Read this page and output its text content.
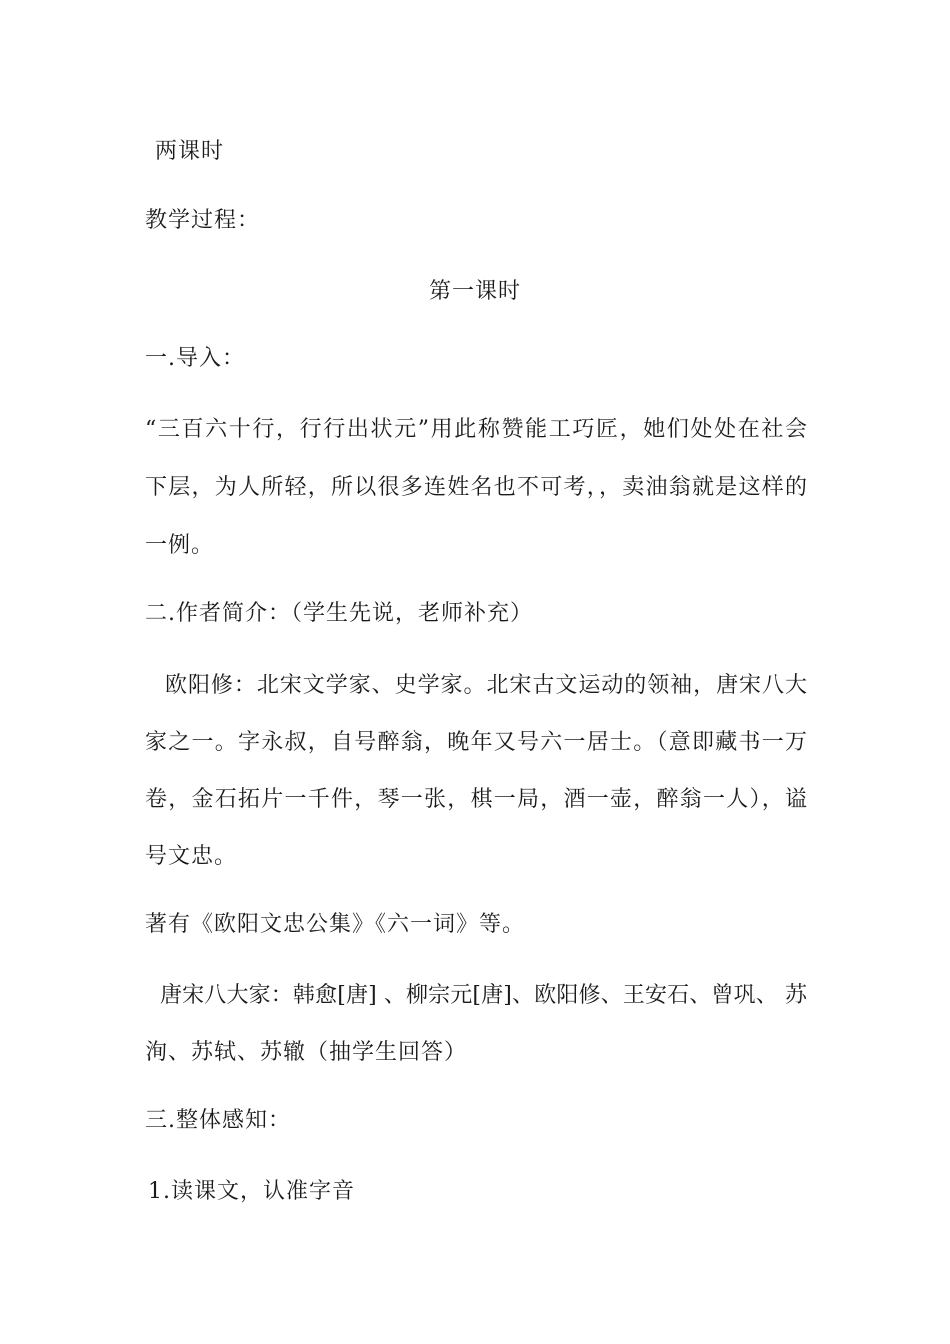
两课时
教学过程：
第一课时
一.导入：
“三百六十行，行行出状元”用此称赞能工巧匠，她们处处在社会
下层，为人所轻，所以很多连姓名也不可考，，卖油翁就是这样的
一例。
二.作者简介：（学生先说，老师补充）
欧阳修：北宋文学家、史学家。北宋古文运动的领袖，唐宋八大
家之一。字永叔，自号醉翁，晚年又号六一居士。（意即藏书一万
卷，金石拓片一千件，琴一张，棋一局，酒一壶，醉翁一人），谥
号文忠。
著有《欧阳文忠公集》《六一词》等。
唐宋八大家：韩愈[唐] 、柳宗元[唐]、欧阳修、王安石、曾巩、 苏
洵、苏轼、苏辙（抽学生回答）
三.整体感知：
1.读课文，认准字音
